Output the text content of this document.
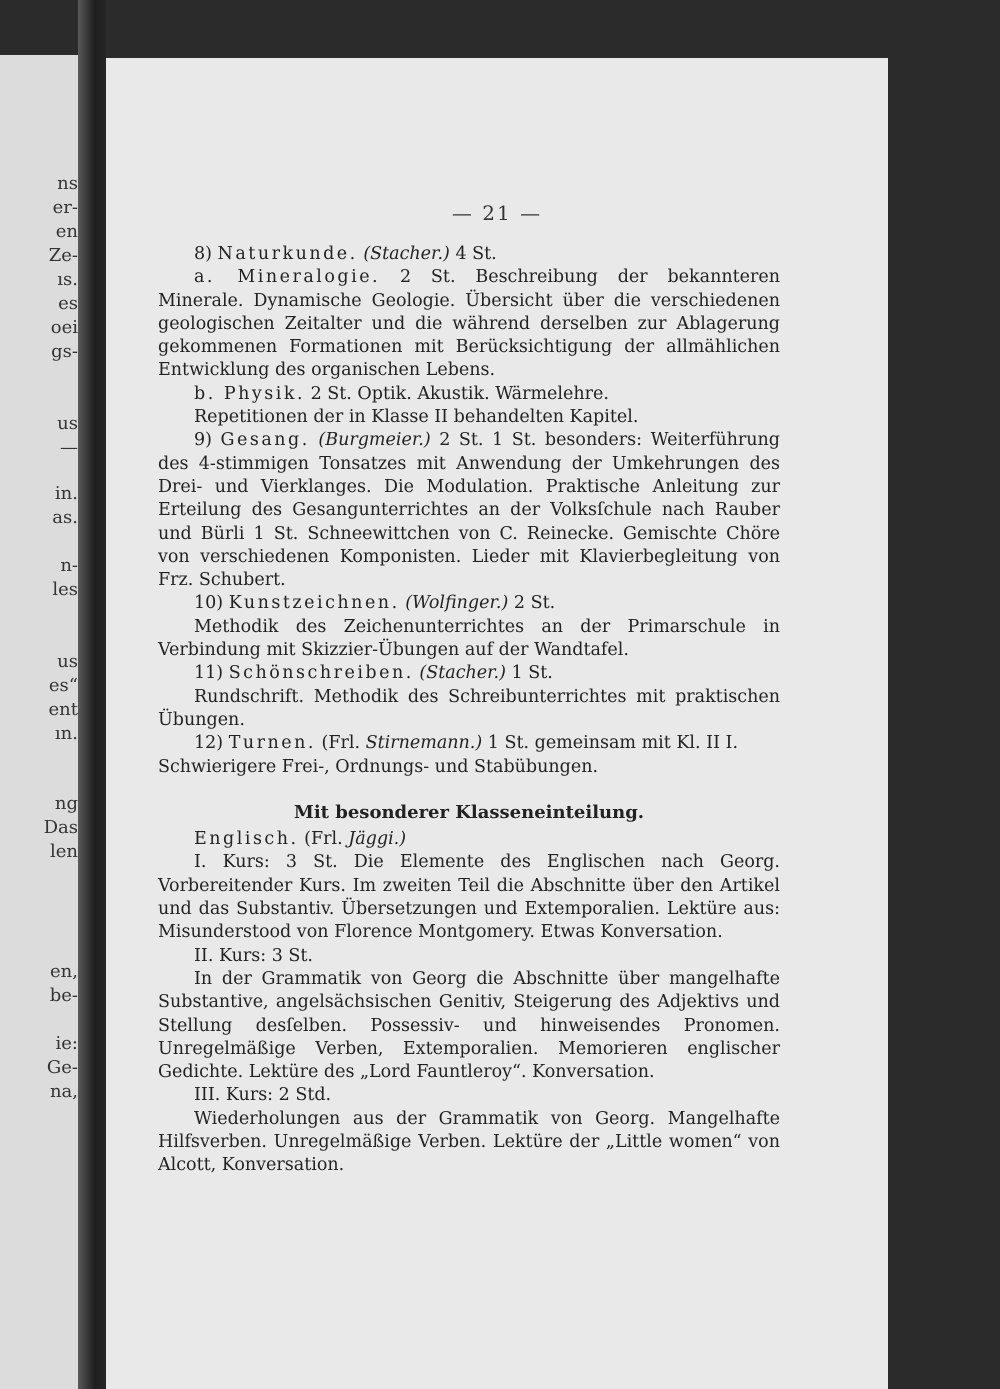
ns

er-

en

Ze-

ıs.

es

oei

gs-

us

—

in.

as.

n-

les

us

es“

ent

ın.

ng

Das

len

en,

be-

ie:

Ge-

na,

— 21 —

8) Naturkunde. (Stacher.) 4 St.

a. Mineralogie. 2 St. Beschreibung der bekannteren Minerale. Dynamische Geologie. Übersicht über die verschiedenen geologischen Zeitalter und die während derselben zur Ablagerung gekommenen Formationen mit Berücksichtigung der allmählichen Entwicklung des organischen Lebens.

b. Physik. 2 St. Optik. Akustik. Wärmelehre.

Repetitionen der in Klasse II behandelten Kapitel.

9) Gesang. (Burgmeier.) 2 St. 1 St. besonders: Weiterführung des 4-stimmigen Tonsatzes mit Anwendung der Umkehrungen des Drei- und Vierklanges. Die Modulation. Praktische Anleitung zur Erteilung des Gesangunterrichtes an der Volksſchule nach Rauber und Bürli 1 St. Schneewittchen von C. Reinecke. Gemischte Chöre von verschiedenen Komponisten. Lieder mit Klavierbegleitung von Frz. Schubert.

10) Kunstzeichnen. (Wolfinger.) 2 St.

Methodik des Zeichenunterrichtes an der Primarschule in Verbindung mit Skizzier-Übungen auf der Wandtafel.

11) Schönschreiben. (Stacher.) 1 St.

Rundschrift. Methodik des Schreibunterrichtes mit praktischen Übungen.

12) Turnen. (Frl. Stirnemann.) 1 St. gemeinsam mit Kl. II I.

Schwierigere Frei-, Ordnungs- und Stabübungen.

Mit besonderer Klasseneinteilung.

Englisch. (Frl. Jäggi.)

I. Kurs: 3 St. Die Elemente des Englischen nach Georg. Vorbereitender Kurs. Im zweiten Teil die Abschnitte über den Artikel und das Substantiv. Übersetzungen und Extemporalien. Lektüre aus: Misunderstood von Florence Montgomery. Etwas Konversation.

II. Kurs: 3 St.

In der Grammatik von Georg die Abschnitte über mangelhafte Substantive, angelsächsischen Genitiv, Steigerung des Adjektivs und Stellung desſelben. Possessiv- und hinweisendes Pronomen. Unregelmäßige Verben, Extemporalien. Memorieren englischer Gedichte. Lektüre des „Lord Fauntleroy“. Konversation.

III. Kurs: 2 Std.

Wiederholungen aus der Grammatik von Georg. Mangelhafte Hilfsverben. Unregelmäßige Verben. Lektüre der „Little women“ von Alcott, Konversation.
